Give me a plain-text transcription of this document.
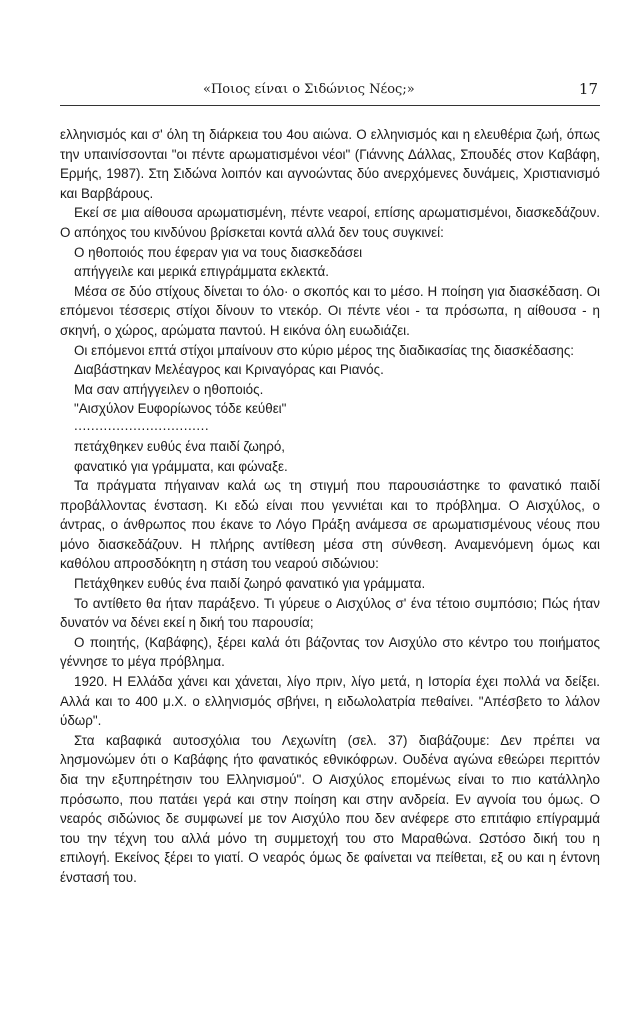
«Ποιος είναι ο Σιδώνιος Νέος;»	17

ελληνισμός και σ' όλη τη διάρκεια του 4ου αιώνα. Ο ελληνισμός και η ελευθέρια ζωή, όπως την υπαινίσσονται "οι πέντε αρωματισμένοι νέοι" (Γιάννης Δάλλας, Σπουδές στον Καβάφη, Ερμής, 1987). Στη Σιδώνα λοιπόν και αγνοώντας δύο ανερχόμενες δυνάμεις, Χριστιανισμό και Βαρβάρους.

Εκεί σε μια αίθουσα αρωματισμένη, πέντε νεαροί, επίσης αρωματισμένοι, διασκεδάζουν. Ο απόηχος του κινδύνου βρίσκεται κοντά αλλά δεν τους συγκινεί:

Ο ηθοποιός που έφεραν για να τους διασκεδάσει

απήγγειλε και μερικά επιγράμματα εκλεκτά.

Μέσα σε δύο στίχους δίνεται το όλο· ο σκοπός και το μέσο. Η ποίηση για διασκέδαση. Οι επόμενοι τέσσερις στίχοι δίνουν το ντεκόρ. Οι πέντε νέοι - τα πρόσωπα, η αίθουσα - η σκηνή, ο χώρος, αρώματα παντού. Η εικόνα όλη ευωδιάζει.

Οι επόμενοι επτά στίχοι μπαίνουν στο κύριο μέρος της διαδικασίας της διασκέδασης:

Διαβάστηκαν Μελέαγρος και Κριναγόρας και Ριανός.

Μα σαν απήγγειλεν ο ηθοποιός.

"Αισχύλον Ευφορίωνος τόδε κεύθει"

................................

πετάχθηκεν ευθύς ένα παιδί ζωηρό,

φανατικό για γράμματα, και φώναξε.

Τα πράγματα πήγαιναν καλά ως τη στιγμή που παρουσιάστηκε το φανατικό παιδί προβάλλοντας ένσταση. Κι εδώ είναι που γεννιέται και το πρόβλημα. Ο Αισχύλος, ο άντρας, ο άνθρωπος που έκανε το Λόγο Πράξη ανάμεσα σε αρωματισμένους νέους που μόνο διασκεδάζουν. Η πλήρης αντίθεση μέσα στη σύνθεση. Αναμενόμενη όμως και καθόλου απροσδόκητη η στάση του νεαρού σιδώνιου:

Πετάχθηκεν ευθύς ένα παιδί ζωηρό φανατικό για γράμματα.

Το αντίθετο θα ήταν παράξενο. Τι γύρευε ο Αισχύλος σ' ένα τέτοιο συμπόσιο; Πώς ήταν δυνατόν να δένει εκεί η δική του παρουσία;

Ο ποιητής, (Καβάφης), ξέρει καλά ότι βάζοντας τον Αισχύλο στο κέντρο του ποιήματος γέννησε το μέγα πρόβλημα.

1920. Η Ελλάδα χάνει και χάνεται, λίγο πριν, λίγο μετά, η Ιστορία έχει πολλά να δείξει. Αλλά και το 400 μ.Χ. ο ελληνισμός σβήνει, η ειδωλολατρία πεθαίνει. "Απέσβετο το λάλον ύδωρ".

Στα καβαφικά αυτοσχόλια του Λεχωνίτη (σελ. 37) διαβάζουμε: Δεν πρέπει να λησμονώμεν ότι ο Καβάφης ήτο φανατικός εθνικόφρων. Ουδένα αγώνα εθεώρει περιττόν δια την εξυπηρέτησιν του Ελληνισμού". Ο Αισχύλος επομένως είναι το πιο κατάλληλο πρόσωπο, που πατάει γερά και στην ποίηση και στην ανδρεία. Εν αγνοία του όμως. Ο νεαρός σιδώνιος δε συμφωνεί με τον Αισχύλο που δεν ανέφερε στο επιτάφιο επίγραμμά του την τέχνη του αλλά μόνο τη συμμετοχή του στο Μαραθώνα. Ωστόσο δική του η επιλογή. Εκείνος ξέρει το γιατί. Ο νεαρός όμως δε φαίνεται να πείθεται, εξ ου και η έντονη ένστασή του.
